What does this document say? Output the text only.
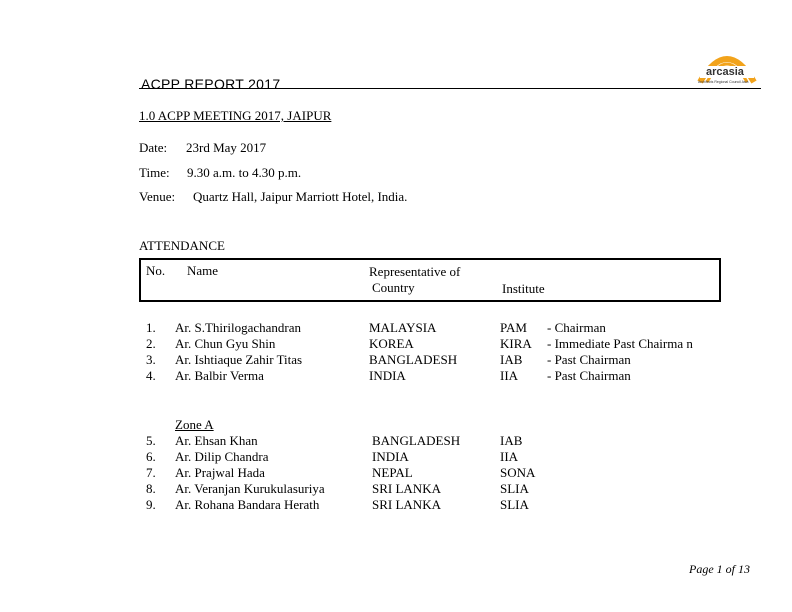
ACPP REPORT 2017
arcasia
Architects Regional Council Asia
1.0 ACPP MEETING 2017, JAIPUR
Date: 23rd May 2017
Time: 9.30 a.m. to 4.30 p.m.
Venue: Quartz Hall, Jaipur Marriott Hotel, India.
ATTENDANCE
No. Name	Representative of
Country	Institute
1.
2.
3.
4.
Ar. S.Thirilogachandran
Ar. Chun Gyu Shin
Ar. Ishtiaque Zahir Titas
Ar. Balbir Verma
MALAYSIA
KOREA
BANGLADESH
INDIA
PAM
KIRA
IAB
IIA
- Chairman
- Immediate Past Chairma n
- Past Chairman
- Past Chairman
Zone A
5.
6.
7.
8.
9.
Ar. Ehsan Khan
Ar. Dilip Chandra
Ar. Prajwal Hada
Ar. Veranjan Kurukulasuriya
Ar. Rohana Bandara Herath
BANGLADESH
INDIA
NEPAL
SRI LANKA
SRI LANKA
IAB
IIA
SONA
SLIA
SLIA
Page 1 of 13
